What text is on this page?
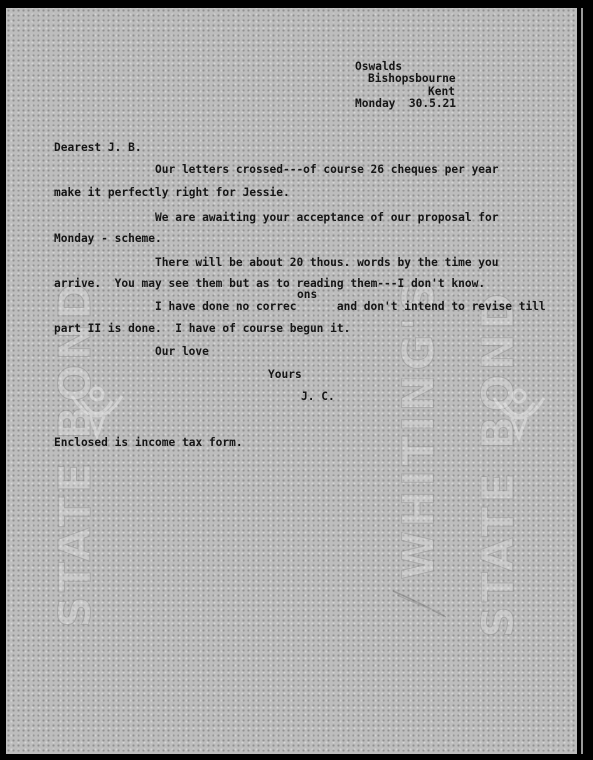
STATE BOND	WHITING'S STATE BOND
Oswalds
Bishopsbourne
Kent
Monday  30.5.21
Dearest J. B.
Our letters crossed---of course 26 cheques per year
make it perfectly right for Jessie.
We are awaiting your acceptance of our proposal for
Monday - scheme.
There will be about 20 thous. words by the time you
arrive.  You may see them but as to reading them---I don't know.
ons
I have done no correc      and don't intend to revise till
part II is done.  I have of course begun it.
Our love
Yours
J. C.
Enclosed is income tax form.
